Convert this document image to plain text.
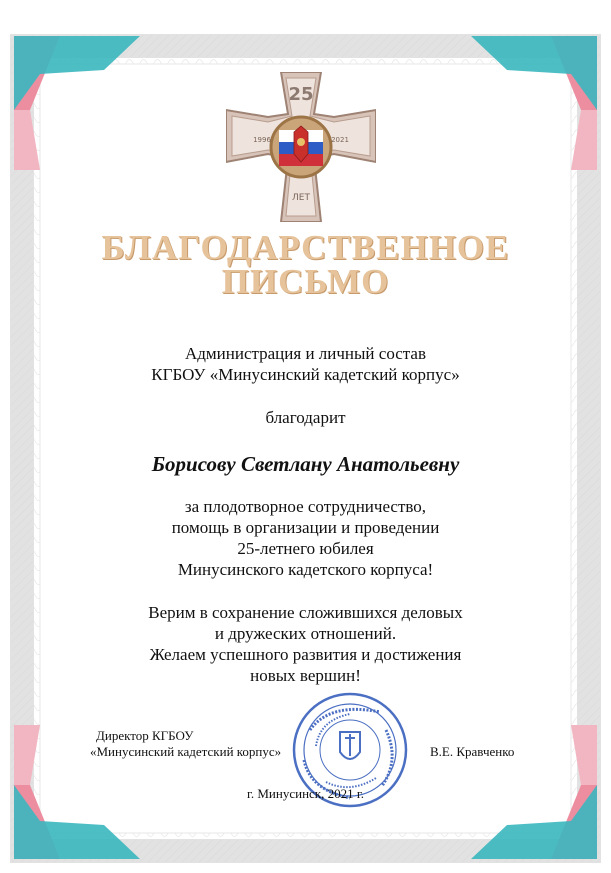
25
1996	2021
ЛЕТ
БЛАГОДАРСТВЕННОЕ
ПИСЬМО
Администрация и личный состав
КГБОУ «Минусинский кадетский корпус»
благодарит
Борисову Светлану Анатольевну
за плодотворное сотрудничество,
помощь в организации и проведении
25-летнего юбилея
Минусинского кадетского корпуса!
Верим в сохранение сложившихся деловых
и дружеских отношений.
Желаем успешного развития и достижения
новых вершин!
Директор КГБОУ
«Минусинский кадетский корпус»	В.Е. Кравченко
г. Минусинск, 2021 г.
